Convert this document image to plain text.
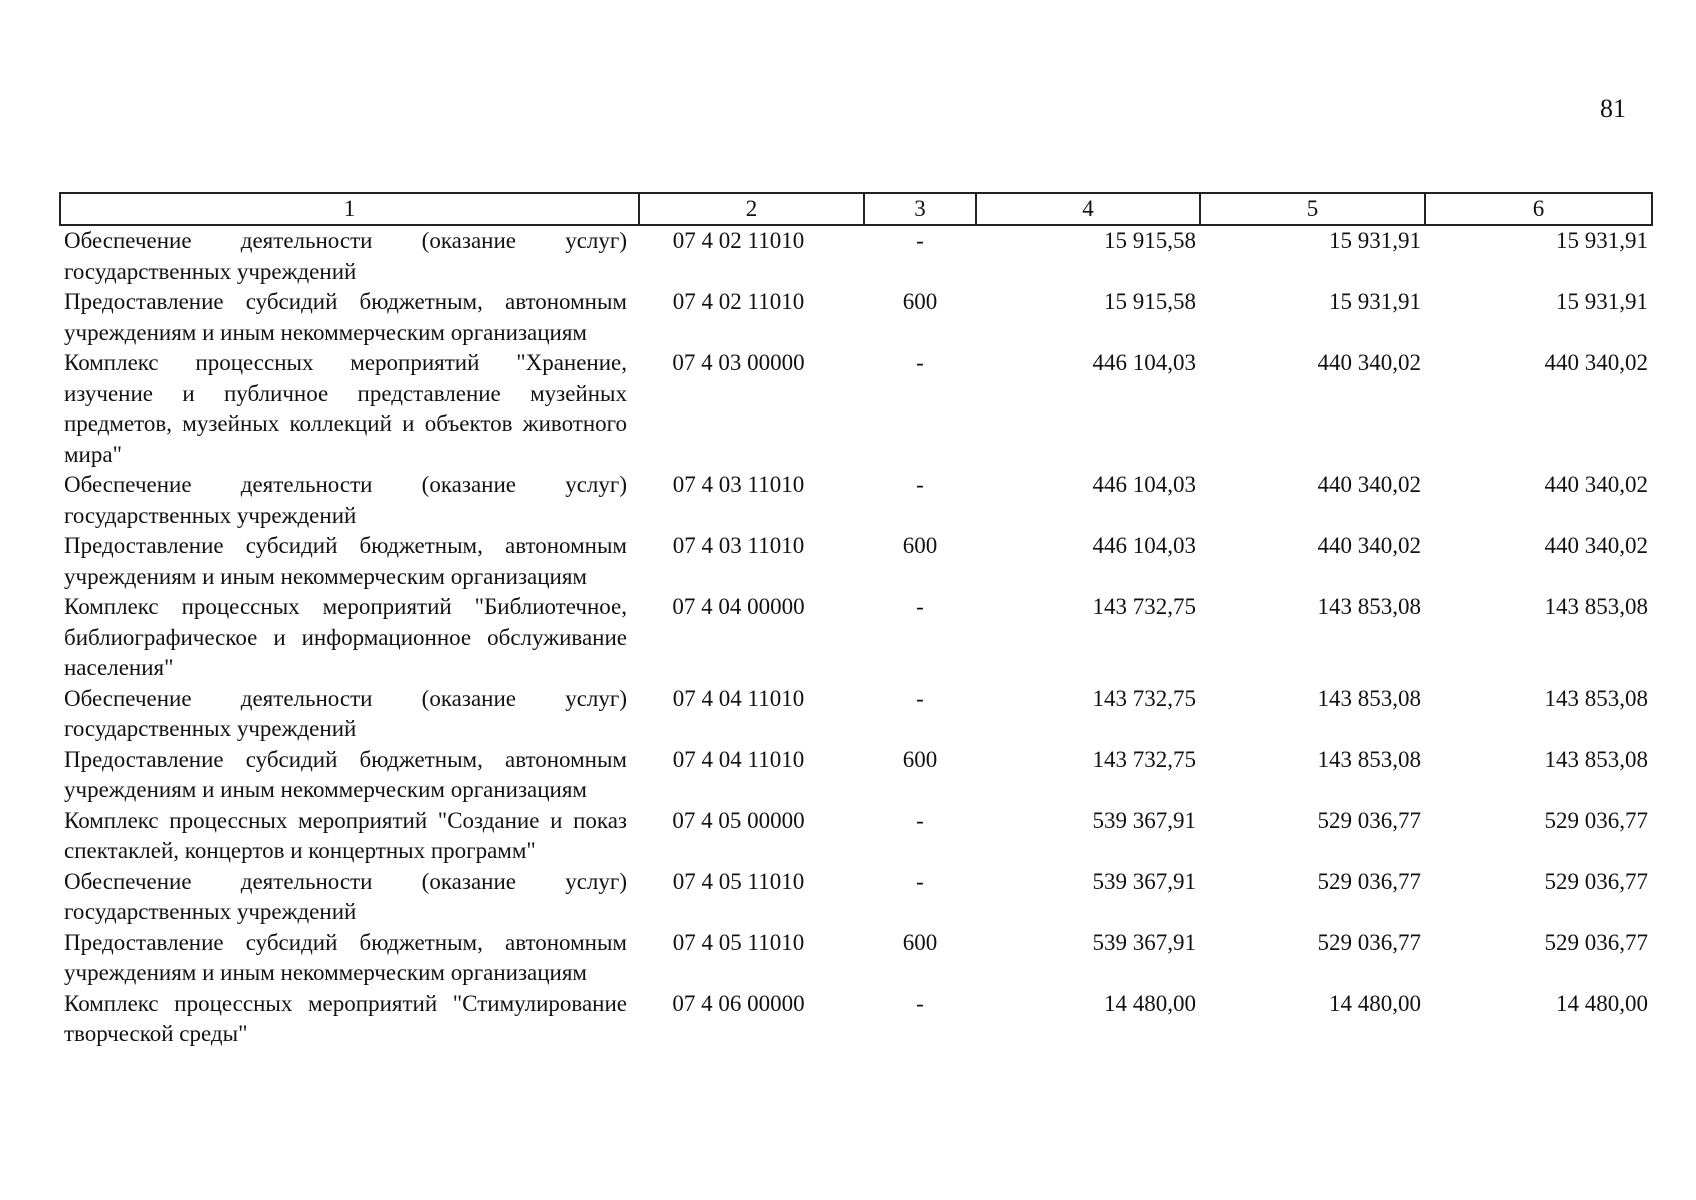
81
1	2	3	4	5	6
Обеспечение деятельности (оказание услуг) государственных учреждений	07 4 02 11010	-	15 915,58	15 931,91	15 931,91
Предоставление субсидий бюджетным, автономным учреждениям и иным некоммерческим организациям	07 4 02 11010	600	15 915,58	15 931,91	15 931,91
Комплекс процессных мероприятий "Хранение, изучение и публичное представление музейных предметов, музейных коллекций и объектов животного мира"	07 4 03 00000	-	446 104,03	440 340,02	440 340,02
Обеспечение деятельности (оказание услуг) государственных учреждений	07 4 03 11010	-	446 104,03	440 340,02	440 340,02
Предоставление субсидий бюджетным, автономным учреждениям и иным некоммерческим организациям	07 4 03 11010	600	446 104,03	440 340,02	440 340,02
Комплекс процессных мероприятий "Библиотечное, библиографическое и информационное обслуживание населения"	07 4 04 00000	-	143 732,75	143 853,08	143 853,08
Обеспечение деятельности (оказание услуг) государственных учреждений	07 4 04 11010	-	143 732,75	143 853,08	143 853,08
Предоставление субсидий бюджетным, автономным учреждениям и иным некоммерческим организациям	07 4 04 11010	600	143 732,75	143 853,08	143 853,08
Комплекс процессных мероприятий "Создание и показ спектаклей, концертов и концертных программ"	07 4 05 00000	-	539 367,91	529 036,77	529 036,77
Обеспечение деятельности (оказание услуг) государственных учреждений	07 4 05 11010	-	539 367,91	529 036,77	529 036,77
Предоставление субсидий бюджетным, автономным учреждениям и иным некоммерческим организациям	07 4 05 11010	600	539 367,91	529 036,77	529 036,77
Комплекс процессных мероприятий "Стимулирование творческой среды"	07 4 06 00000	-	14 480,00	14 480,00	14 480,00
